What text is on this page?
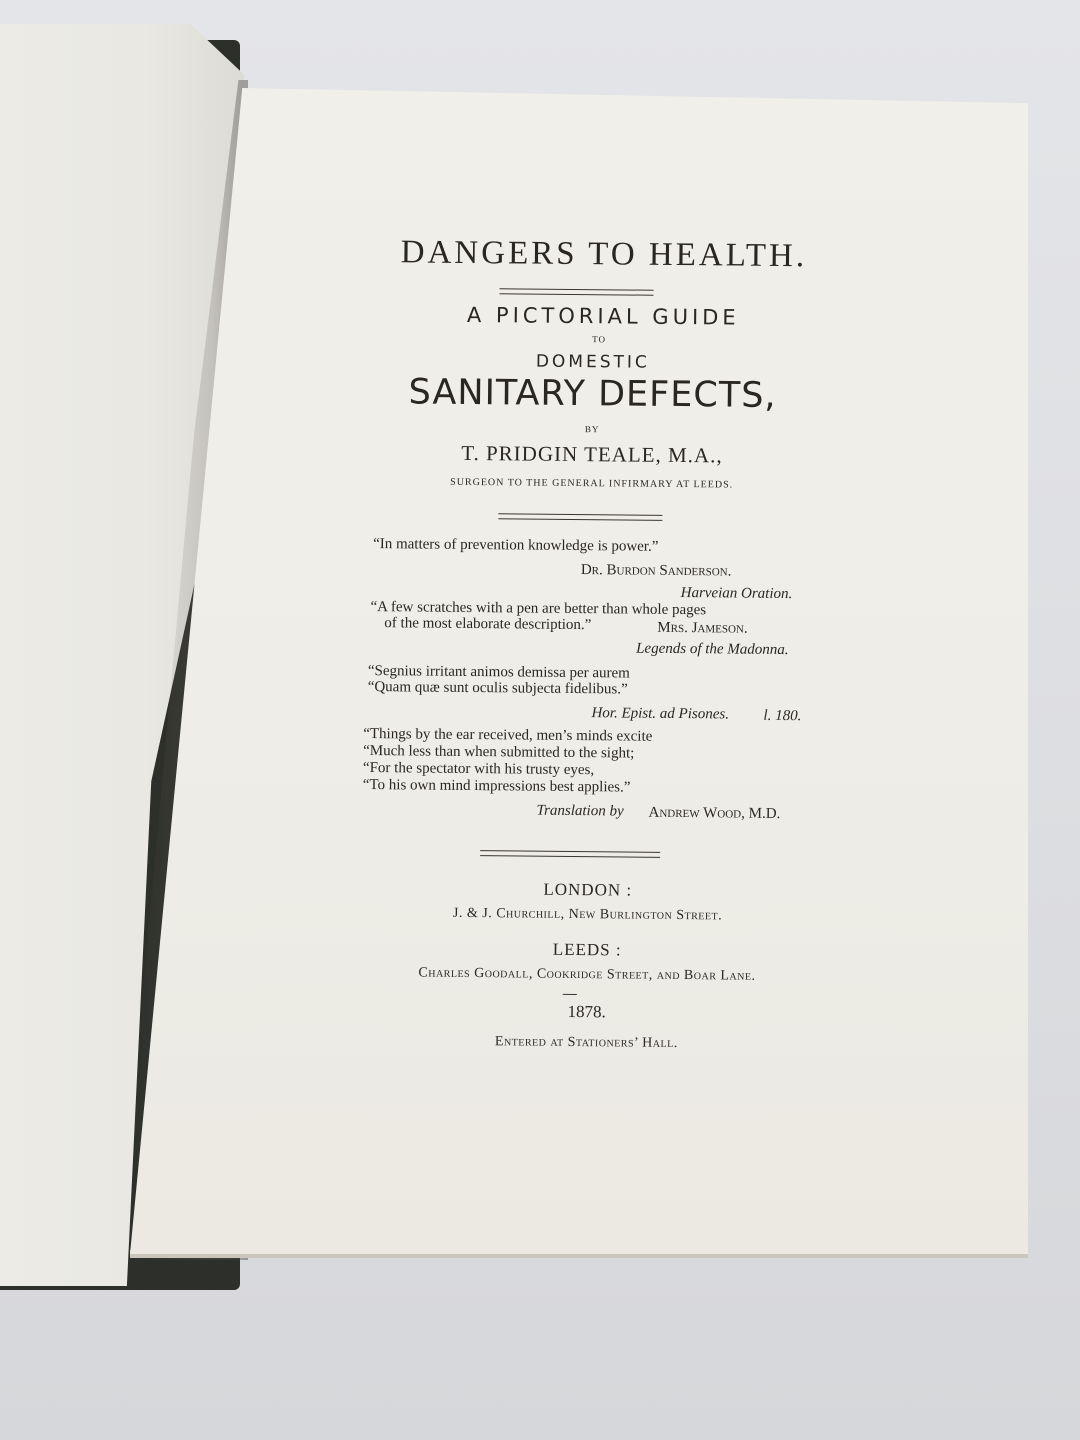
DANGERS TO HEALTH.
A PICTORIAL GUIDE
TO
DOMESTIC
SANITARY DEFECTS,
BY
T. PRIDGIN TEALE, M.A.,
SURGEON TO THE GENERAL INFIRMARY AT LEEDS.
“In matters of prevention knowledge is power.”
Dr. Burdon Sanderson.
Harveian Oration.
“A few scratches with a pen are better than whole pages
of the most elaborate description.”	Mrs. Jameson.
Legends of the Madonna.
“Segnius irritant animos demissa per aurem
“Quam quæ sunt oculis subjecta fidelibus.”
Hor. Epist. ad Pisones. l. 180.
“Things by the ear received, men’s minds excite
“Much less than when submitted to the sight;
“For the spectator with his trusty eyes,
“To his own mind impressions best applies.”
Translation by Andrew Wood, M.D.
LONDON :
J. & J. Churchill, New Burlington Street.
LEEDS :
Charles Goodall, Cookridge Street, and Boar Lane.
1878.
Entered at Stationers’ Hall.
